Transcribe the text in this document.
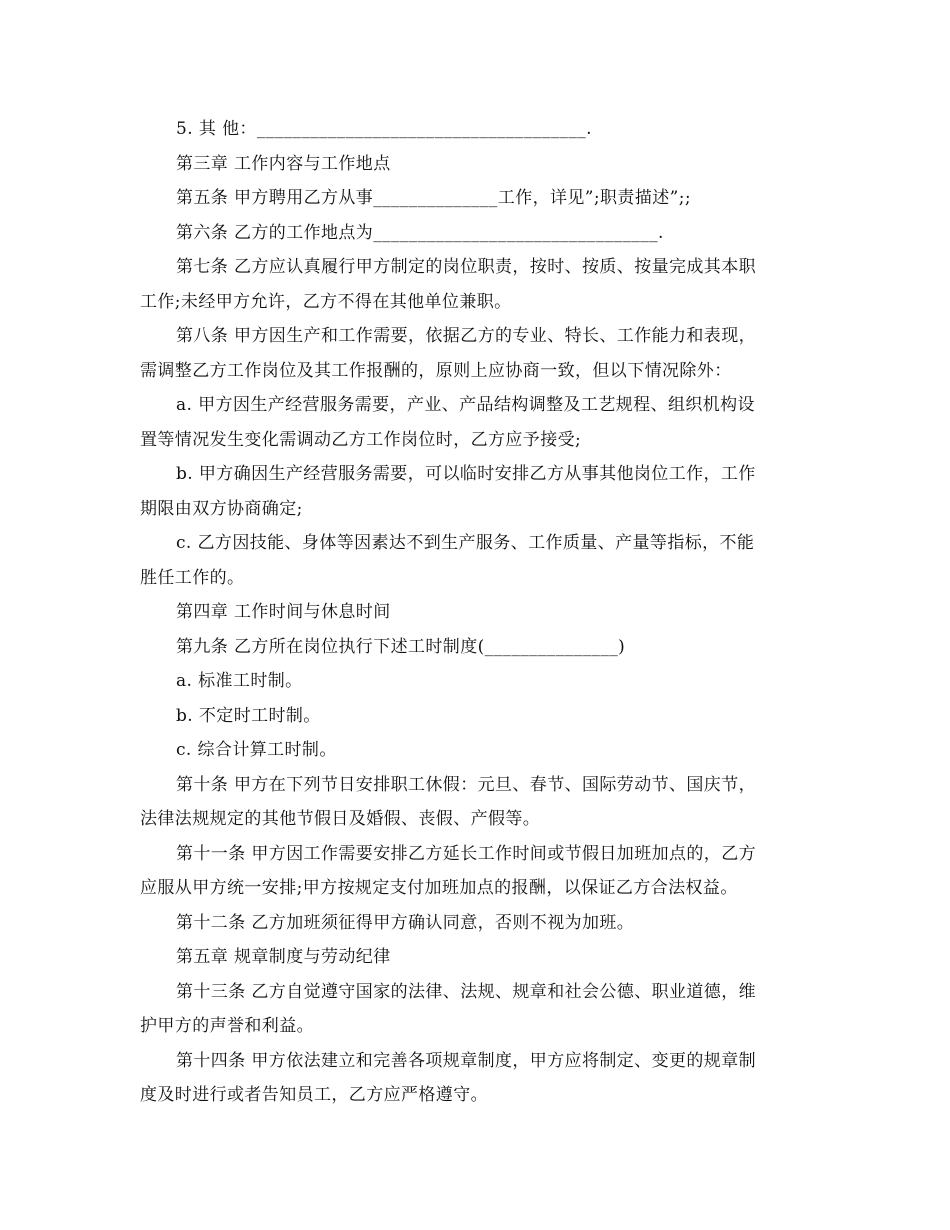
5. 其 他：_____________________________________.
第三章 工作内容与工作地点
第五条 甲方聘用乙方从事______________工作，详见”;职责描述”;;
第六条 乙方的工作地点为________________________________.
第七条 乙方应认真履行甲方制定的岗位职责，按时、按质、按量完成其本职
工作;未经甲方允许，乙方不得在其他单位兼职。
第八条 甲方因生产和工作需要，依据乙方的专业、特长、工作能力和表现，
需调整乙方工作岗位及其工作报酬的，原则上应协商一致，但以下情况除外：
a. 甲方因生产经营服务需要，产业、产品结构调整及工艺规程、组织机构设
置等情况发生变化需调动乙方工作岗位时，乙方应予接受;
b. 甲方确因生产经营服务需要，可以临时安排乙方从事其他岗位工作，工作
期限由双方协商确定;
c. 乙方因技能、身体等因素达不到生产服务、工作质量、产量等指标，不能
胜任工作的。
第四章 工作时间与休息时间
第九条 乙方所在岗位执行下述工时制度(_______________)
a. 标准工时制。
b. 不定时工时制。
c. 综合计算工时制。
第十条 甲方在下列节日安排职工休假：元旦、春节、国际劳动节、国庆节，
法律法规规定的其他节假日及婚假、丧假、产假等。
第十一条 甲方因工作需要安排乙方延长工作时间或节假日加班加点的，乙方
应服从甲方统一安排;甲方按规定支付加班加点的报酬，以保证乙方合法权益。
第十二条 乙方加班须征得甲方确认同意，否则不视为加班。
第五章 规章制度与劳动纪律
第十三条 乙方自觉遵守国家的法律、法规、规章和社会公德、职业道德，维
护甲方的声誉和利益。
第十四条 甲方依法建立和完善各项规章制度，甲方应将制定、变更的规章制
度及时进行或者告知员工，乙方应严格遵守。
